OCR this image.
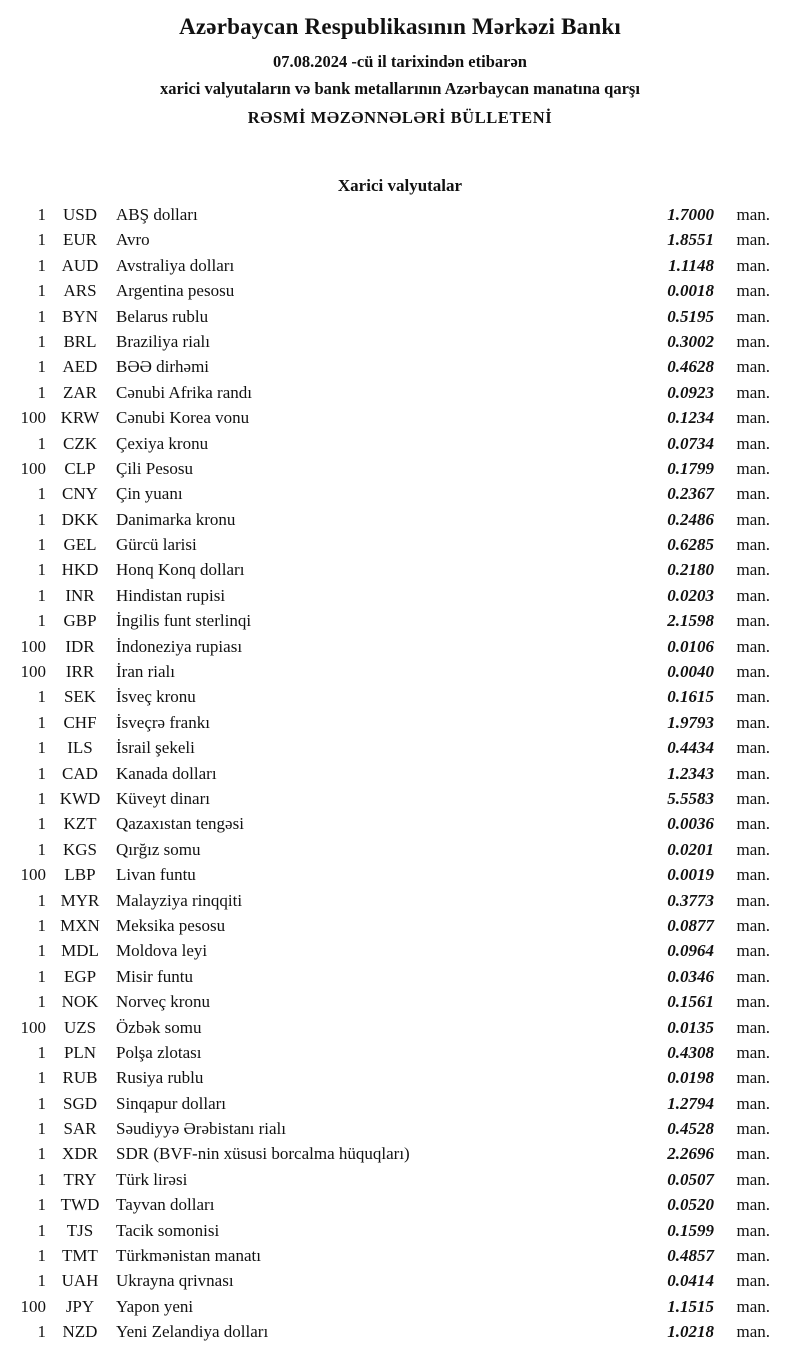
Azərbaycan Respublikasının Mərkəzi Bankı
07.08.2024 -cü il tarixindən etibarən
xarici valyutaların və bank metallarının Azərbaycan manatına qarşı
RƏSMİ MƏZƏNNƏLƏRİ BÜLLETENİ
Xarici valyutalar
1 USD	ABŞ dolları	1.7000	man.
1	EUR	Avro	1.8551	man.
1 AUD	Avstraliya dolları	1.1148	man.
1	ARS	Argentina pesosu	0.0018	man.
1 BYN	Belarus rublu	0.5195	man.
1	BRL	Braziliya rialı	0.3002	man.
1 AED	BƏƏ dirhəmi	0.4628	man.
1	ZAR	Cənubi Afrika randı	0.0923	man.
100 KRW Cənubi Korea vonu	0.1234	man.
1	CZK	Çexiya kronu	0.0734	man.
100	CLP	Çili Pesosu	0.1799	man.
1 CNY	Çin yuanı	0.2367	man.
1 DKK	Danimarka kronu	0.2486	man.
1	GEL	Gürcü larisi	0.6285	man.
1 HKD	Honq Konq dolları	0.2180	man.
1	INR	Hindistan rupisi	0.0203	man.
1	GBP	İngilis funt sterlinqi	2.1598	man.
100	IDR	İndoneziya rupiası	0.0106	man.
100	IRR	İran rialı	0.0040	man.
1	SEK	İsveç kronu	0.1615	man.
1	CHF	İsveçrə frankı	1.9793	man.
1	ILS	İsrail şekeli	0.4434	man.
1 CAD	Kanada dolları	1.2343	man.
1 KWD Küveyt dinarı	5.5583	man.
1	KZT	Qazaxıstan tengəsi	0.0036	man.
1 KGS	Qırğız somu	0.0201	man.
100	LBP	Livan funtu	0.0019	man.
1 MYR Malayziya rinqqiti	0.3773	man.
1 MXN Meksika pesosu	0.0877	man.
1 MDL	Moldova leyi	0.0964	man.
1	EGP	Misir funtu	0.0346	man.
1 NOK	Norveç kronu	0.1561	man.
100	UZS	Özbək somu	0.0135	man.
1	PLN	Polşa zlotası	0.4308	man.
1 RUB	Rusiya rublu	0.0198	man.
1 SGD	Sinqapur dolları	1.2794	man.
1	SAR	Səudiyyə Ərəbistanı rialı	0.4528	man.
1 XDR	SDR (BVF-nin xüsusi borcalma hüquqları)	2.2696	man.
1	TRY	Türk lirəsi	0.0507	man.
1 TWD Tayvan dolları	0.0520	man.
1	TJS	Tacik somonisi	0.1599	man.
1 TMT	Türkmənistan manatı	0.4857	man.
1 UAH	Ukrayna qrivnası	0.0414	man.
100	JPY	Yapon yeni	1.1515	man.
1 NZD	Yeni Zelandiya dolları	1.0218	man.
